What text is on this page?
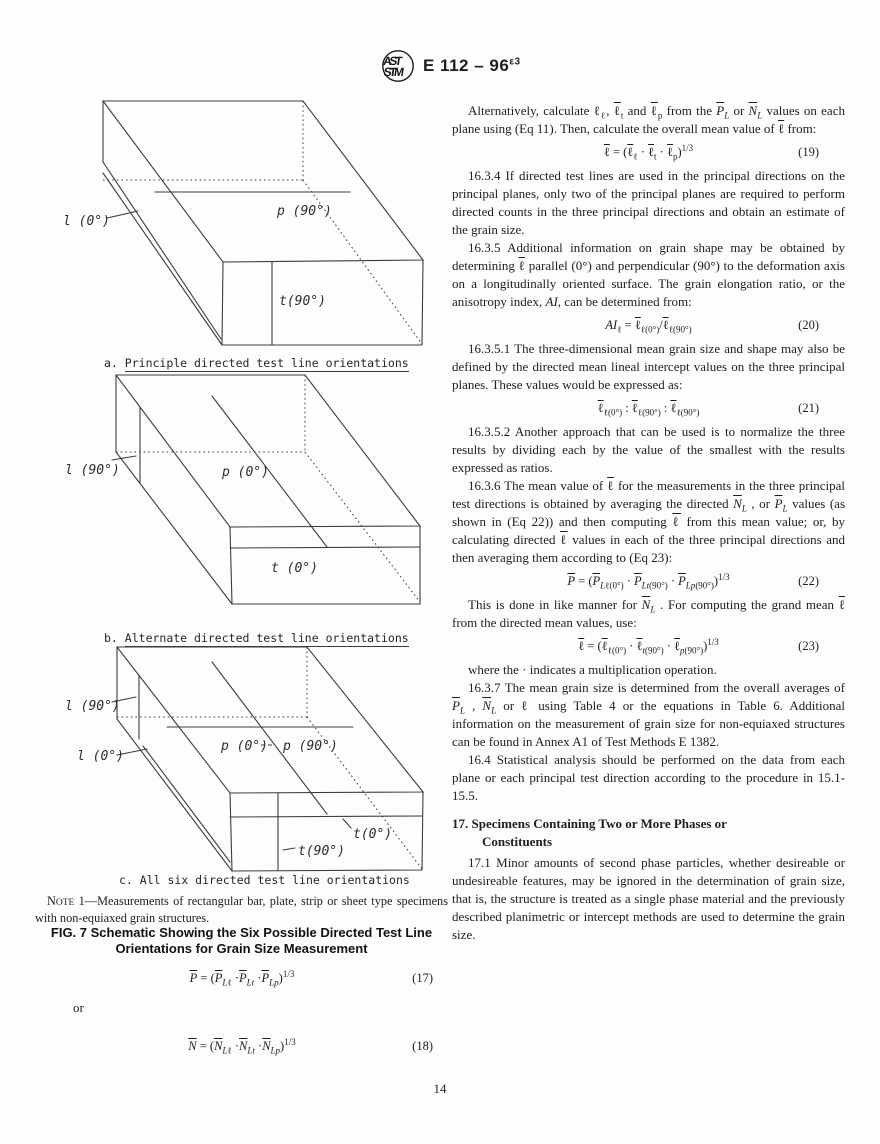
AST
STM E $112 - 96^{\varepsilon 3}$
l (0°)
p (90°)
t(90°)
a. Principle directed test line orientations
l (90°)	p (0°)
t (0°)
b. Alternate directed test line orientations
l (90°)
l (0°)
p (0°) p (90°)
t(0°)
t(90°)
c. All six directed test line orientations
NOTE 1—Measurements of rectangular bar, plate, strip or sheet type specimens with non-equiaxed grain structures.
FIG. 7 Schematic Showing the Six Possible Directed Test Line
Orientations for Grain Size Measurement
$\overline{P} = (\overline{P}_{L\ell} \cdot\overline{P}_{Lt} \cdot\overline{P}_{Lp})^{1/3}$	(17)
or
$\overline{N} = (\overline{N}_{L\ell} \cdot\overline{N}_{Lt} \cdot\overline{N}_{Lp})^{1/3}$	(18)

Alternatively, calculate ℓ$_\ell$, ℓ$_t$ and ℓ$_p$ from the $\overline{P}_L$ or $\overline{N}_L$ values on each plane using (Eq 11). Then, calculate the overall mean value of ℓ from:

ℓ = (ℓ$_\ell$ · ℓ$_t$ · ℓ$_p$)$^{1/3}$	(19)

16.3.4 If directed test lines are used in the principal directions on the principal planes, only two of the principal planes are required to perform directed counts in the three principal directions and obtain an estimate of the grain size.

16.3.5 Additional information on grain shape may be obtained by determining ℓ parallel (0°) and perpendicular (90°) to the deformation axis on a longitudinally oriented surface. The grain elongation ratio, or the anisotropy index, AI, can be determined from:

$AI_\ell$ = ℓ$_{\ell(0^\circ)}$/ℓ$_{\ell(90^\circ)}$	(20)

16.3.5.1 The three-dimensional mean grain size and shape may also be defined by the directed mean lineal intercept values on the three principal planes. These values would be expressed as:

ℓ$_{\ell(0^\circ)}$ : ℓ$_{\ell(90^\circ)}$ : ℓ$_{\ell(90^\circ)}$	(21)

16.3.5.2 Another approach that can be used is to normalize the three results by dividing each by the value of the smallest with the results expressed as ratios.

16.3.6 The mean value of ℓ for the measurements in the three principal test directions is obtained by averaging the directed $\overline{N}_L$ , or $\overline{P}_L$ values (as shown in (Eq 22)) and then computing ℓ from this mean value; or, by calculating directed ℓ values in each of the three principal directions and then averaging them according to (Eq 23):

$\overline{P} = (\overline{P}_{L\ell(0^\circ)} \cdot \overline{P}_{Lt(90^\circ)} \cdot \overline{P}_{Lp(90^\circ)})^{1/3}$	(22)

This is done in like manner for $\overline{N}_L$ . For computing the grand mean ℓ from the directed mean values, use:

ℓ = (ℓ$_{\ell(0^\circ)}$ · ℓ$_{t(90^\circ)}$ · ℓ$_{p(90^\circ)}$)$^{1/3}$	(23)

where the · indicates a multiplication operation.

16.3.7 The mean grain size is determined from the overall averages of $\overline{P}_L$ , $\overline{N}_L$ or ℓ using Table 4 or the equations in Table 6. Additional information on the measurement of grain size for non-equiaxed structures can be found in Annex A1 of Test Methods E 1382.

16.4 Statistical analysis should be performed on the data from each plane or each principal test direction according to the procedure in 15.1-15.5.

17. Specimens Containing Two or More Phases or
Constituents

17.1 Minor amounts of second phase particles, whether desireable or undesireable features, may be ignored in the determination of grain size, that is, the structure is treated as a single phase material and the previously described planimetric or intercept methods are used to determine the grain size.

14
